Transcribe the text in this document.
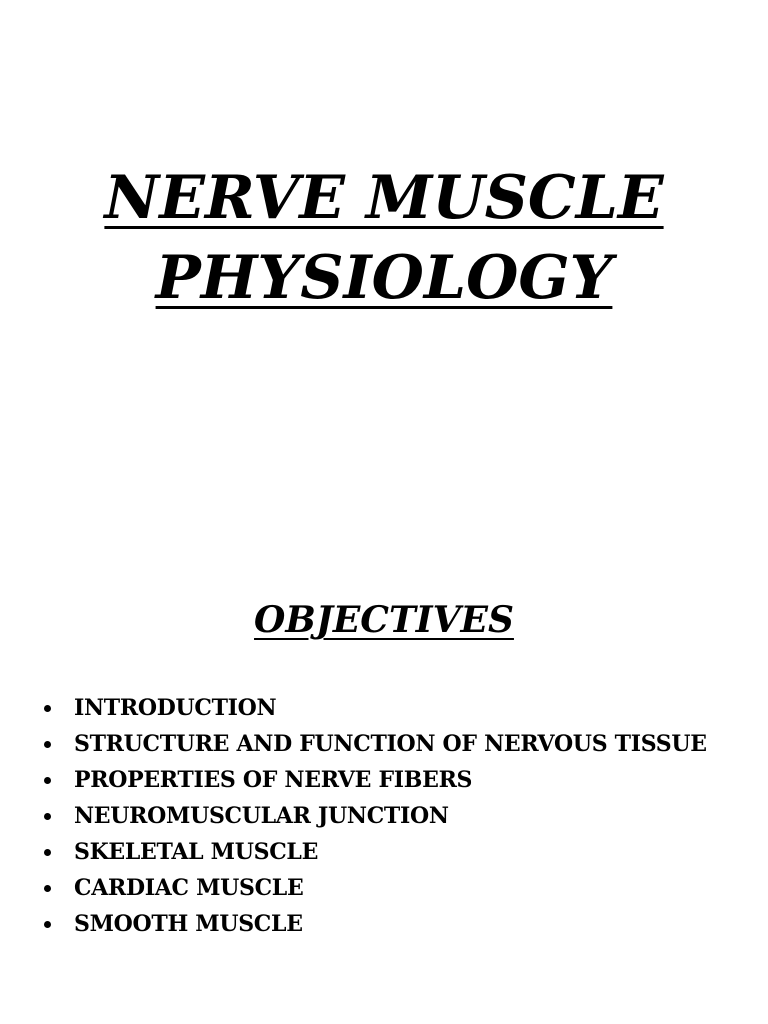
NERVE MUSCLE
PHYSIOLOGY
OBJECTIVES
INTRODUCTION
STRUCTURE AND FUNCTION OF NERVOUS TISSUE
PROPERTIES OF NERVE FIBERS
NEUROMUSCULAR JUNCTION
SKELETAL MUSCLE
CARDIAC MUSCLE
SMOOTH MUSCLE
